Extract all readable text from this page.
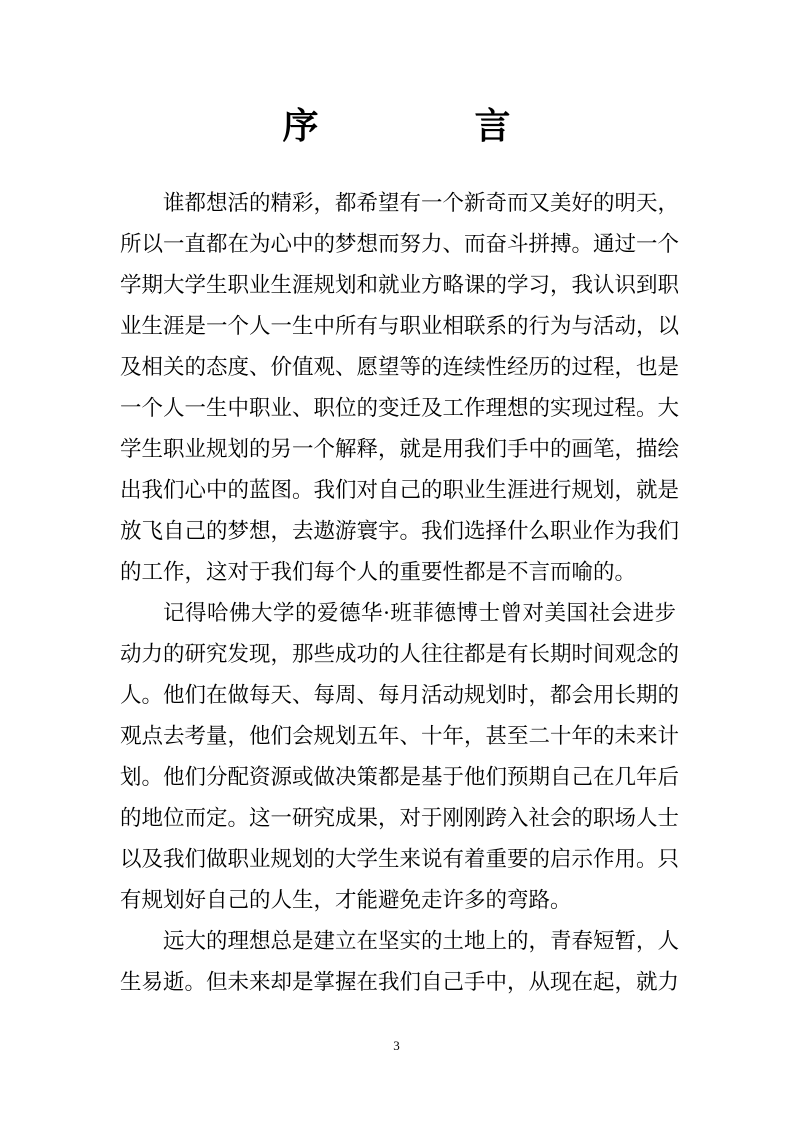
序　言
谁都想活的精彩，都希望有一个新奇而又美好的明天，
所以一直都在为心中的梦想而努力、而奋斗拼搏。通过一个
学期大学生职业生涯规划和就业方略课的学习，我认识到职
业生涯是一个人一生中所有与职业相联系的行为与活动，以
及相关的态度、价值观、愿望等的连续性经历的过程，也是
一个人一生中职业、职位的变迁及工作理想的实现过程。大
学生职业规划的另一个解释，就是用我们手中的画笔，描绘
出我们心中的蓝图。我们对自己的职业生涯进行规划，就是
放飞自己的梦想，去遨游寰宇。我们选择什么职业作为我们
的工作，这对于我们每个人的重要性都是不言而喻的。
记得哈佛大学的爱德华·班菲德博士曾对美国社会进步
动力的研究发现，那些成功的人往往都是有长期时间观念的
人。他们在做每天、每周、每月活动规划时，都会用长期的
观点去考量，他们会规划五年、十年，甚至二十年的未来计
划。他们分配资源或做决策都是基于他们预期自己在几年后
的地位而定。这一研究成果，对于刚刚跨入社会的职场人士
以及我们做职业规划的大学生来说有着重要的启示作用。只
有规划好自己的人生，才能避免走许多的弯路。
远大的理想总是建立在坚实的土地上的，青春短暂，人
生易逝。但未来却是掌握在我们自己手中，从现在起，就力
3
